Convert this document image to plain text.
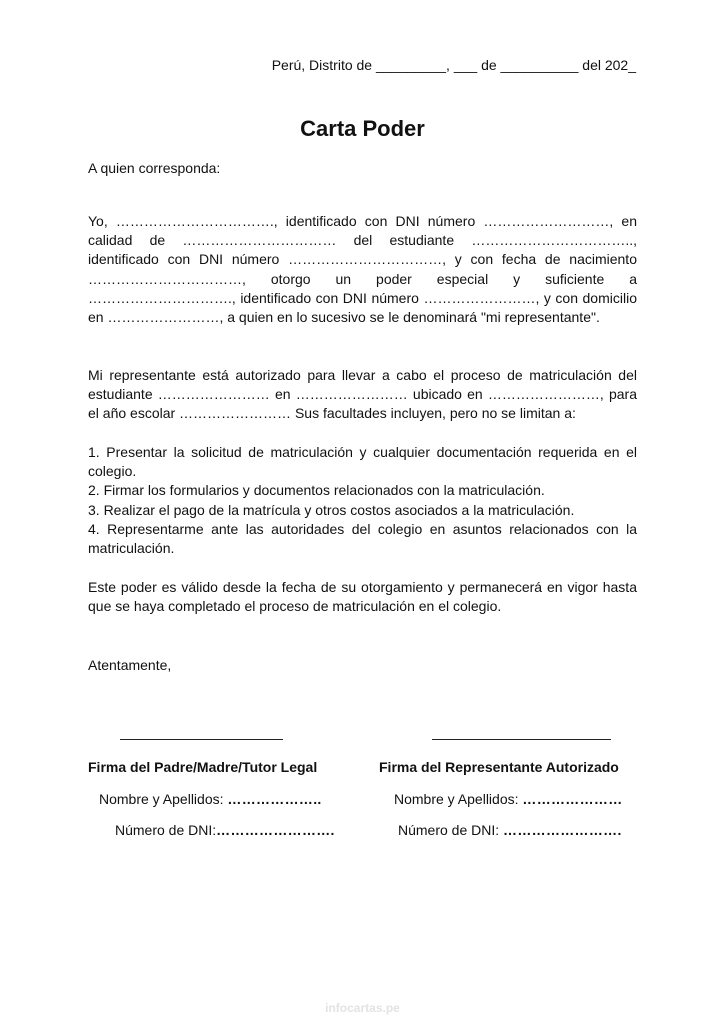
Perú, Distrito de _________, ___ de __________ del 202_
Carta Poder
A quien corresponda:

Yo, ……………………………., identificado con DNI número ………………………, en calidad de …………………………… del estudiante …………………………….., identificado con DNI número ……………………………, y con fecha de nacimiento ……………………………, otorgo un poder especial y suficiente a …………………………., identificado con DNI número ……………………, y con domicilio en ……………………, a quien en lo sucesivo se le denominará "mi representante".

Mi representante está autorizado para llevar a cabo el proceso de matriculación del estudiante …………………… en …………………… ubicado en ……………………, para el año escolar …………………… Sus facultades incluyen, pero no se limitan a:

1. Presentar la solicitud de matriculación y cualquier documentación requerida en el colegio.

2. Firmar los formularios y documentos relacionados con la matriculación.

3. Realizar el pago de la matrícula y otros costos asociados a la matriculación.

4. Representarme ante las autoridades del colegio en asuntos relacionados con la matriculación.

Este poder es válido desde la fecha de su otorgamiento y permanecerá en vigor hasta que se haya completado el proceso de matriculación en el colegio.

Atentamente,
Firma del Padre/Madre/Tutor Legal
Nombre y Apellidos: ………………..
Número de DNI:…………………….
Firma del Representante Autorizado
Nombre y Apellidos: …………………
Número de DNI: …………………….
infocartas.pe
